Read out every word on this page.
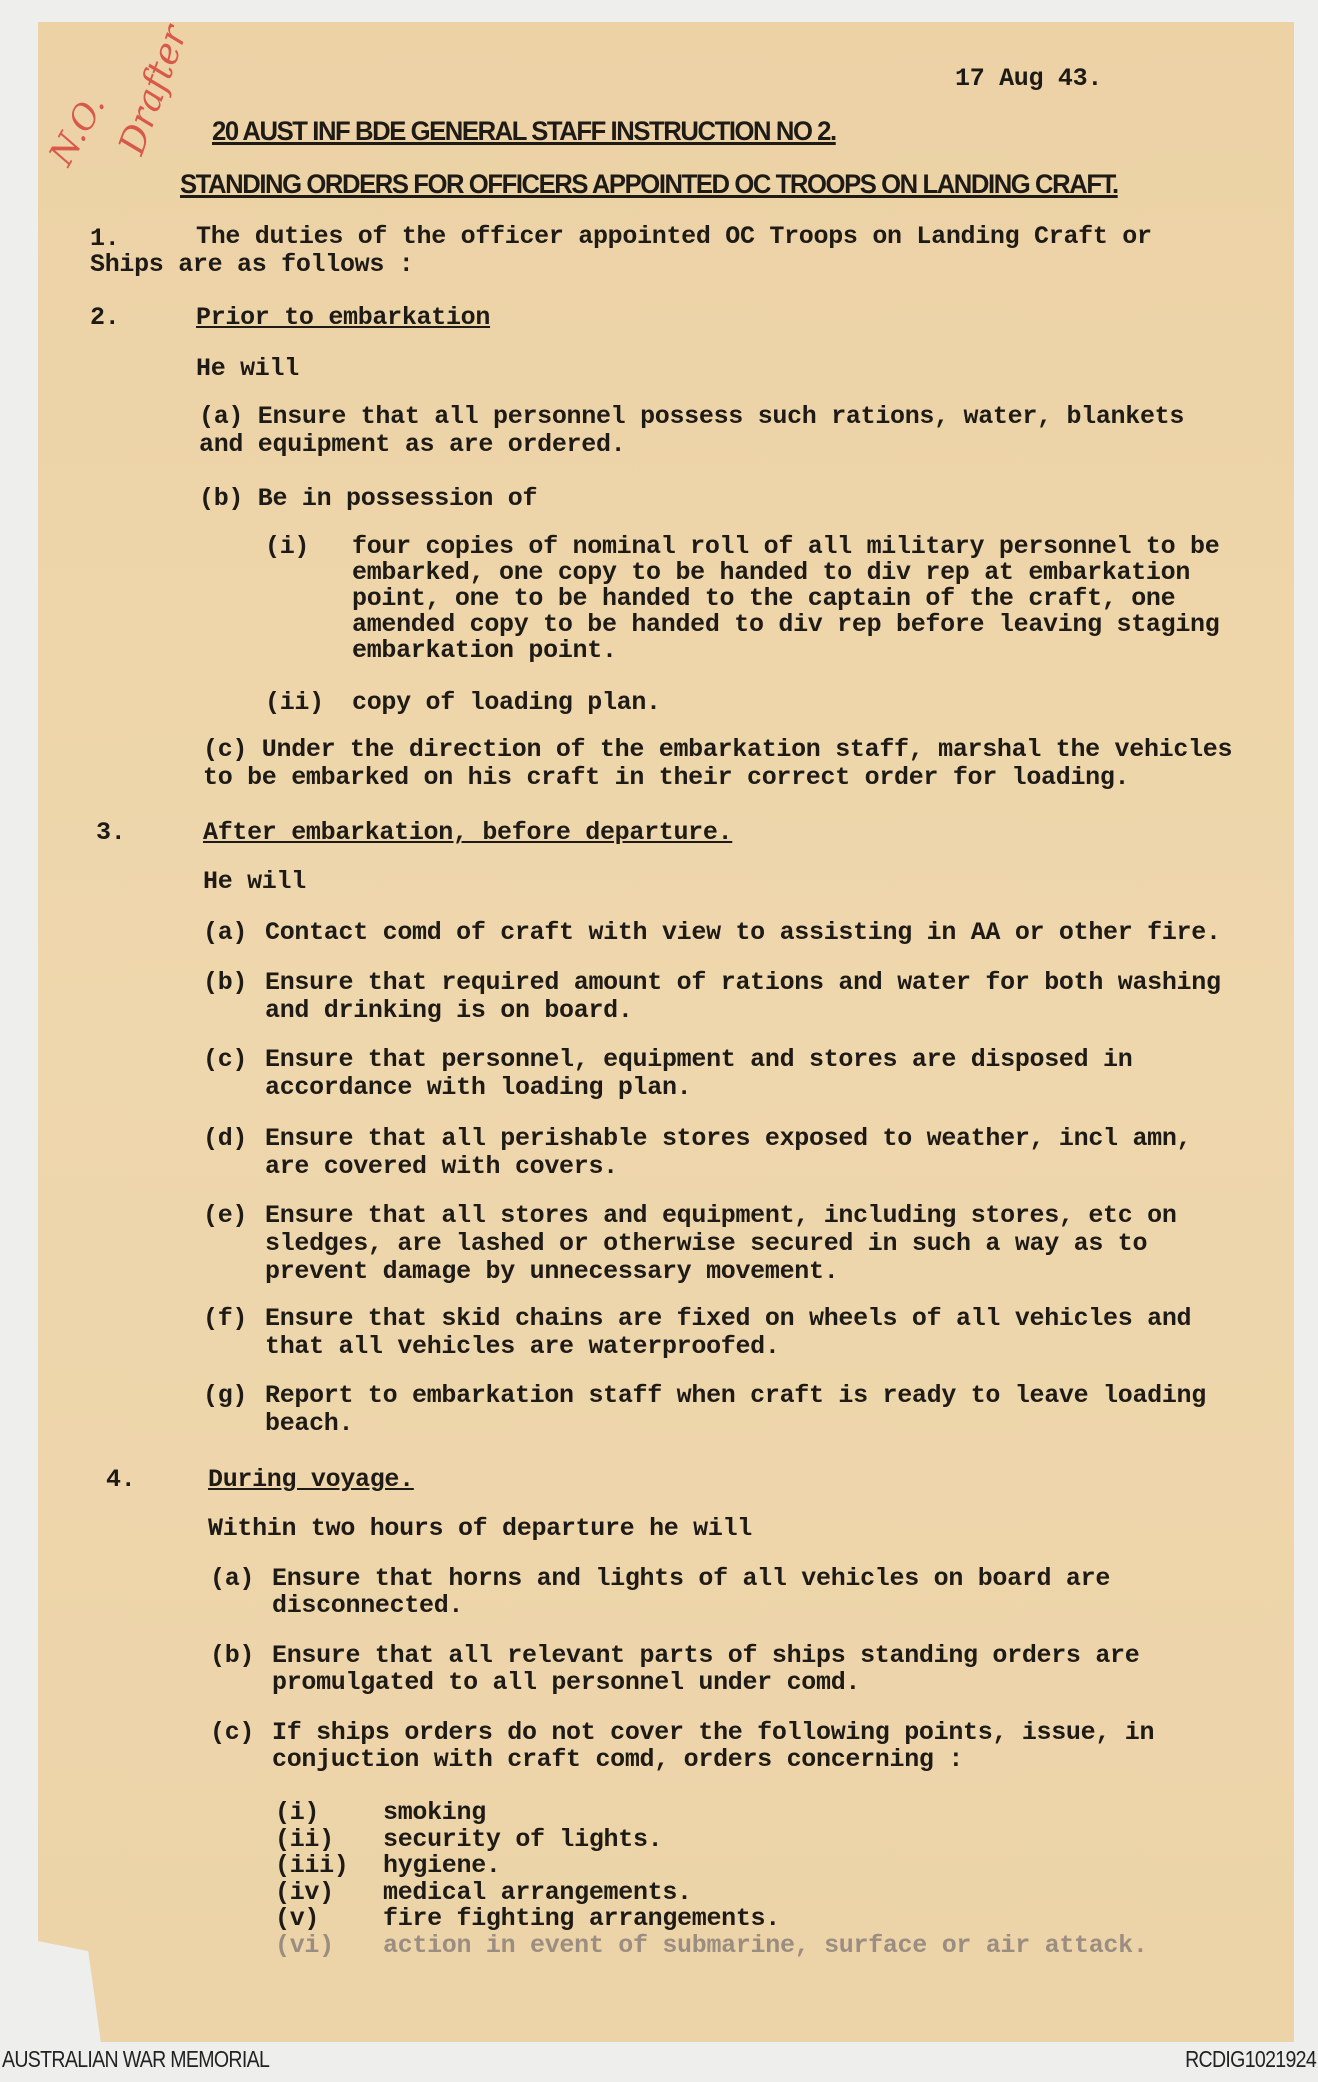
N.O.
Drafter	17 Aug 43.
20 AUST INF BDE GENERAL STAFF INSTRUCTION NO 2.
STANDING ORDERS FOR OFFICERS APPOINTED OC TROOPS ON LANDING CRAFT.
1.	The duties of the officer appointed OC Troops on Landing Craft or
Ships are as follows :
2.	Prior to embarkation
He will
(a) Ensure that all personnel possess such rations, water, blankets
and equipment as are ordered.
(b) Be in possession of
(i) four copies of nominal roll of all military personnel to be
embarked, one copy to be handed to div rep at embarkation
point, one to be handed to the captain of the craft, one
amended copy to be handed to div rep before leaving staging
embarkation point.
(ii) copy of loading plan.
(c) Under the direction of the embarkation staff, marshal the vehicles
to be embarked on his craft in their correct order for loading.
3.	After embarkation, before departure.
He will
(a) Contact comd of craft with view to assisting in AA or other fire.
(b) Ensure that required amount of rations and water for both washing
and drinking is on board.
(c) Ensure that personnel, equipment and stores are disposed in
accordance with loading plan.
(d) Ensure that all perishable stores exposed to weather, incl amn,
are covered with covers.
(e) Ensure that all stores and equipment, including stores, etc on
sledges, are lashed or otherwise secured in such a way as to
prevent damage by unnecessary movement.
(f) Ensure that skid chains are fixed on wheels of all vehicles and
that all vehicles are waterproofed.
(g) Report to embarkation staff when craft is ready to leave loading
beach.
4.	During voyage.
Within two hours of departure he will
(a) Ensure that horns and lights of all vehicles on board are
disconnected.
(b) Ensure that all relevant parts of ships standing orders are
promulgated to all personnel under comd.
(c) If ships orders do not cover the following points, issue, in
conjuction with craft comd, orders concerning :
(i)	smoking
(ii) security of lights.
(iii) hygiene.
(iv) medical arrangements.
(v)	fire fighting arrangements.
(vi) action in event of submarine, surface or air attack.
AUSTRALIAN WAR MEMORIAL	RCDIG1021924
